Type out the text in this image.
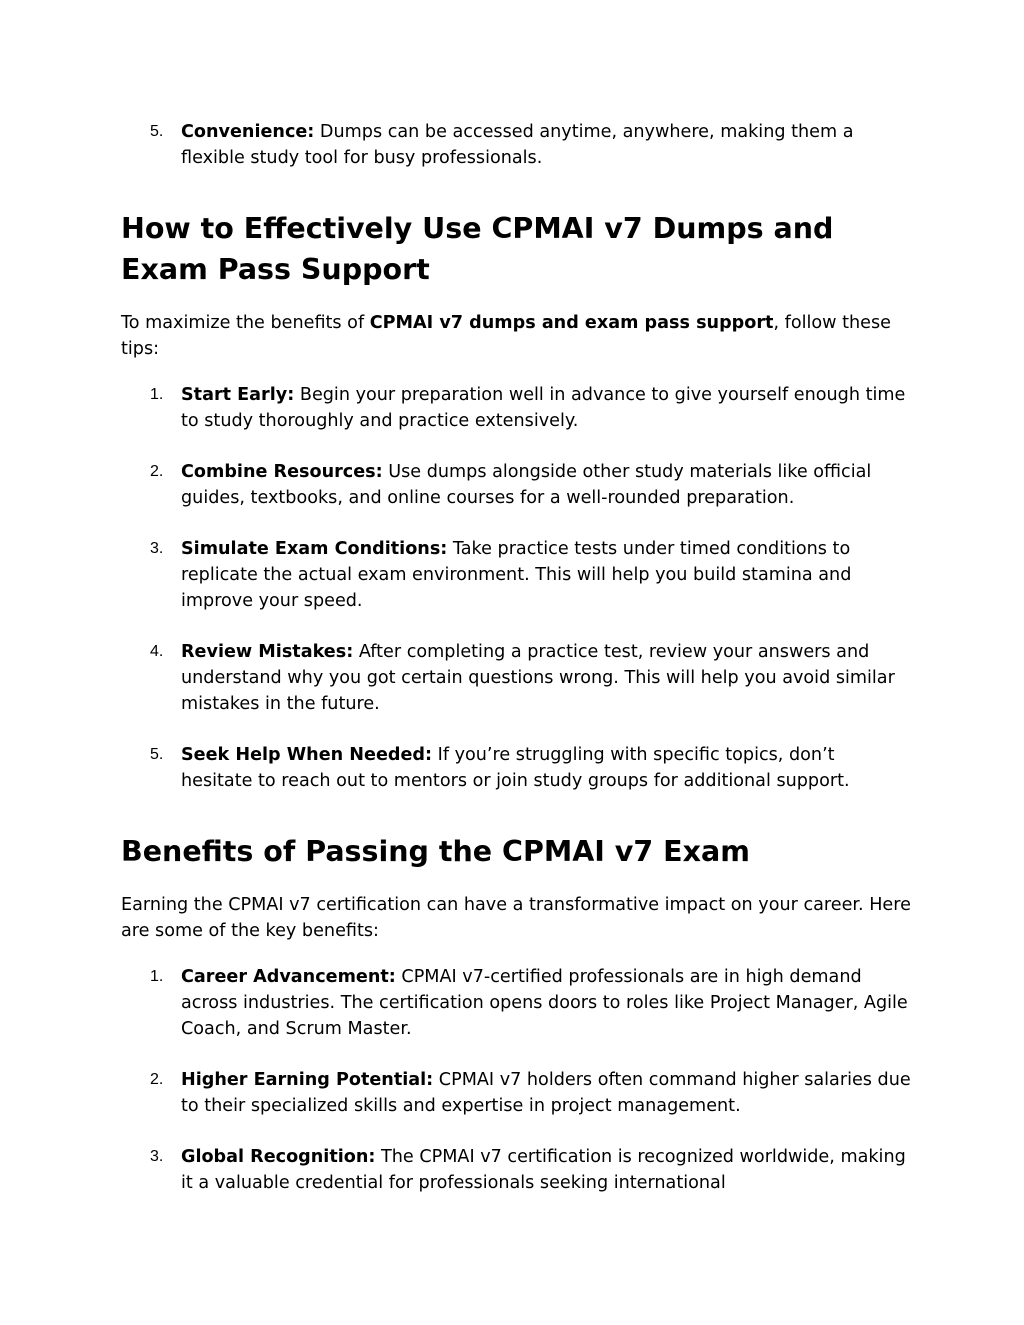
5. Convenience: Dumps can be accessed anytime, anywhere, making them a flexible study tool for busy professionals.
How to Effectively Use CPMAI v7 Dumps and Exam Pass Support

To maximize the benefits of CPMAI v7 dumps and exam pass support, follow these tips:

1. Start Early: Begin your preparation well in advance to give yourself enough time to study thoroughly and practice extensively.
2. Combine Resources: Use dumps alongside other study materials like official guides, textbooks, and online courses for a well-rounded preparation.
3. Simulate Exam Conditions: Take practice tests under timed conditions to replicate the actual exam environment. This will help you build stamina and improve your speed.
4. Review Mistakes: After completing a practice test, review your answers and understand why you got certain questions wrong. This will help you avoid similar mistakes in the future.
5. Seek Help When Needed: If you’re struggling with specific topics, don’t hesitate to reach out to mentors or join study groups for additional support.
Benefits of Passing the CPMAI v7 Exam

Earning the CPMAI v7 certification can have a transformative impact on your career. Here are some of the key benefits:

1. Career Advancement: CPMAI v7-certified professionals are in high demand across industries. The certification opens doors to roles like Project Manager, Agile Coach, and Scrum Master.
2. Higher Earning Potential: CPMAI v7 holders often command higher salaries due to their specialized skills and expertise in project management.
3. Global Recognition: The CPMAI v7 certification is recognized worldwide, making it a valuable credential for professionals seeking international
